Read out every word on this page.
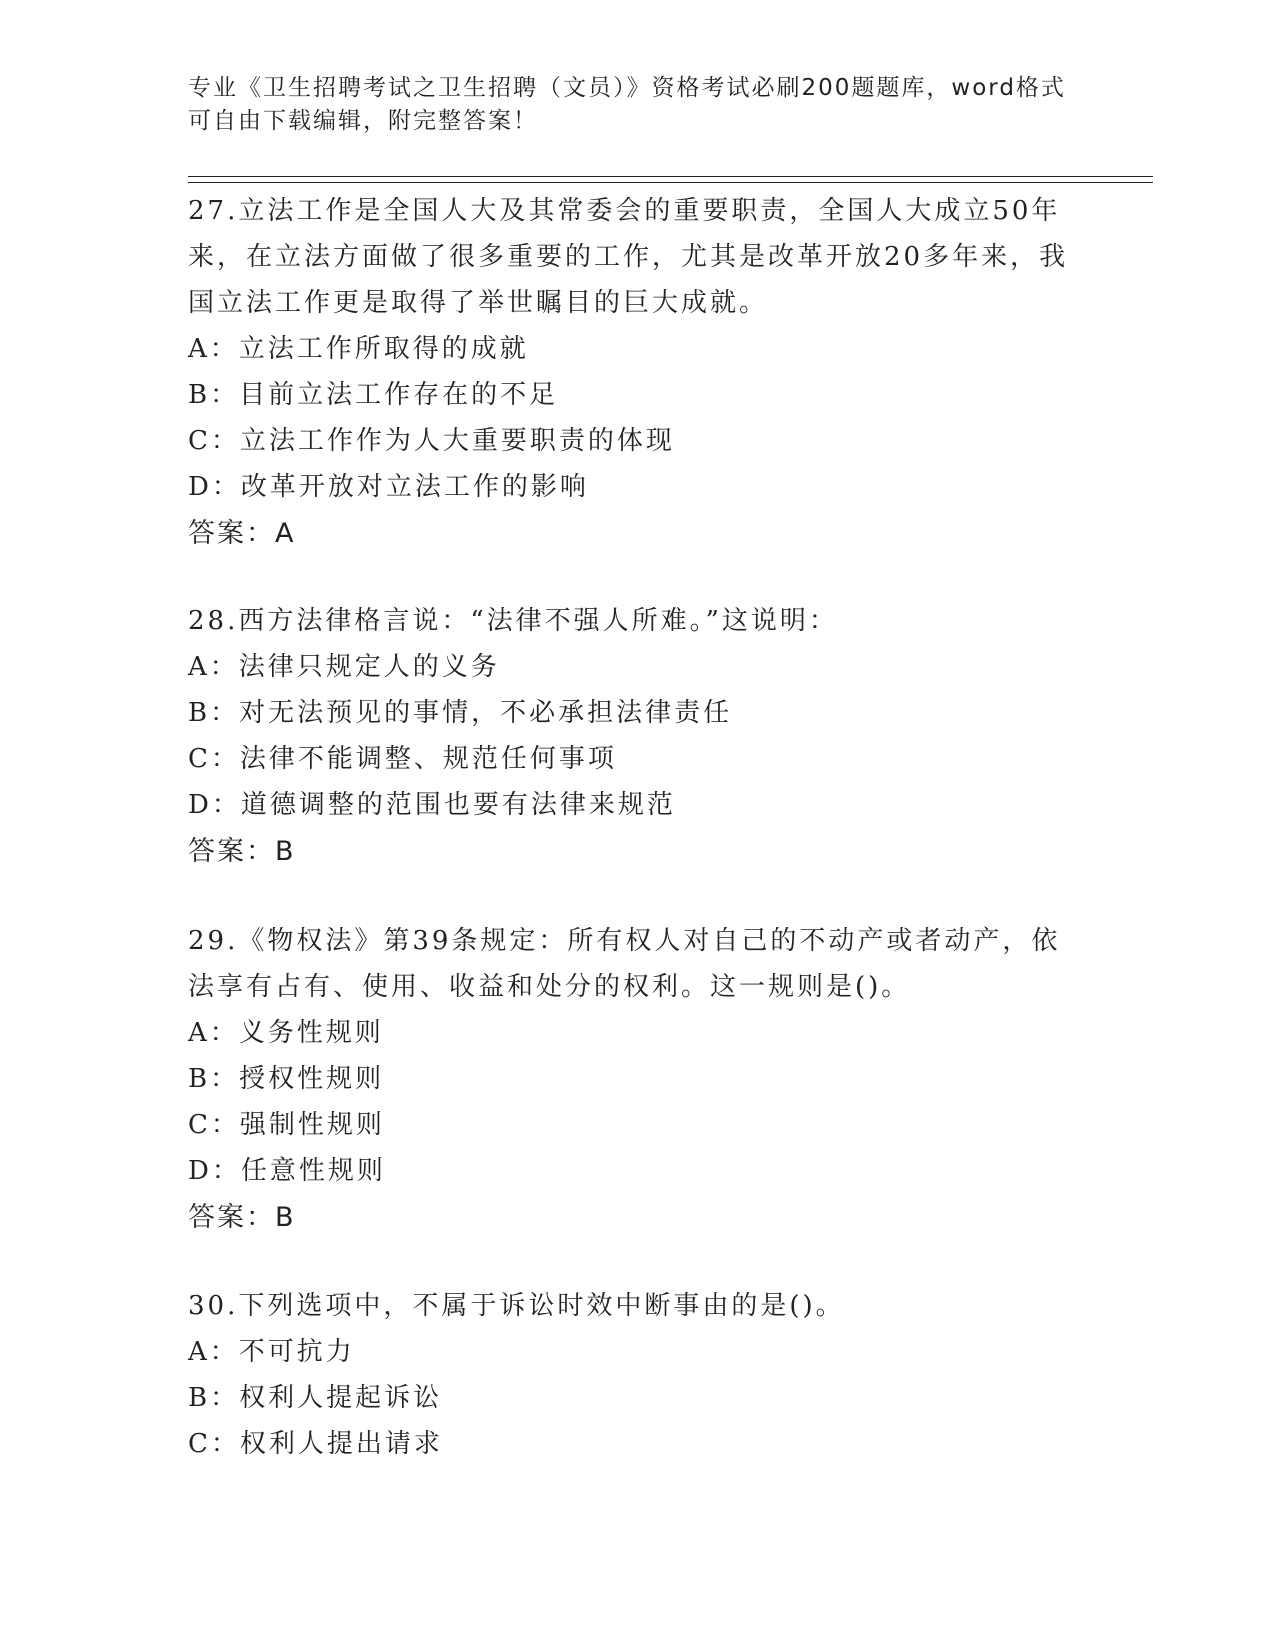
专业《卫生招聘考试之卫生招聘（文员）》资格考试必刷200题题库，word格式
可自由下载编辑，附完整答案！
27.立法工作是全国人大及其常委会的重要职责，全国人大成立50年
来，在立法方面做了很多重要的工作，尤其是改革开放20多年来，我
国立法工作更是取得了举世瞩目的巨大成就。
A：立法工作所取得的成就
B：目前立法工作存在的不足
C：立法工作作为人大重要职责的体现
D：改革开放对立法工作的影响
答案：A
28.西方法律格言说：“法律不强人所难。”这说明：
A：法律只规定人的义务
B：对无法预见的事情，不必承担法律责任
C：法律不能调整、规范任何事项
D：道德调整的范围也要有法律来规范
答案：B
29.《物权法》第39条规定：所有权人对自己的不动产或者动产，依
法享有占有、使用、收益和处分的权利。这一规则是()。
A：义务性规则
B：授权性规则
C：强制性规则
D：任意性规则
答案：B
30.下列选项中，不属于诉讼时效中断事由的是()。
A：不可抗力
B：权利人提起诉讼
C：权利人提出请求
